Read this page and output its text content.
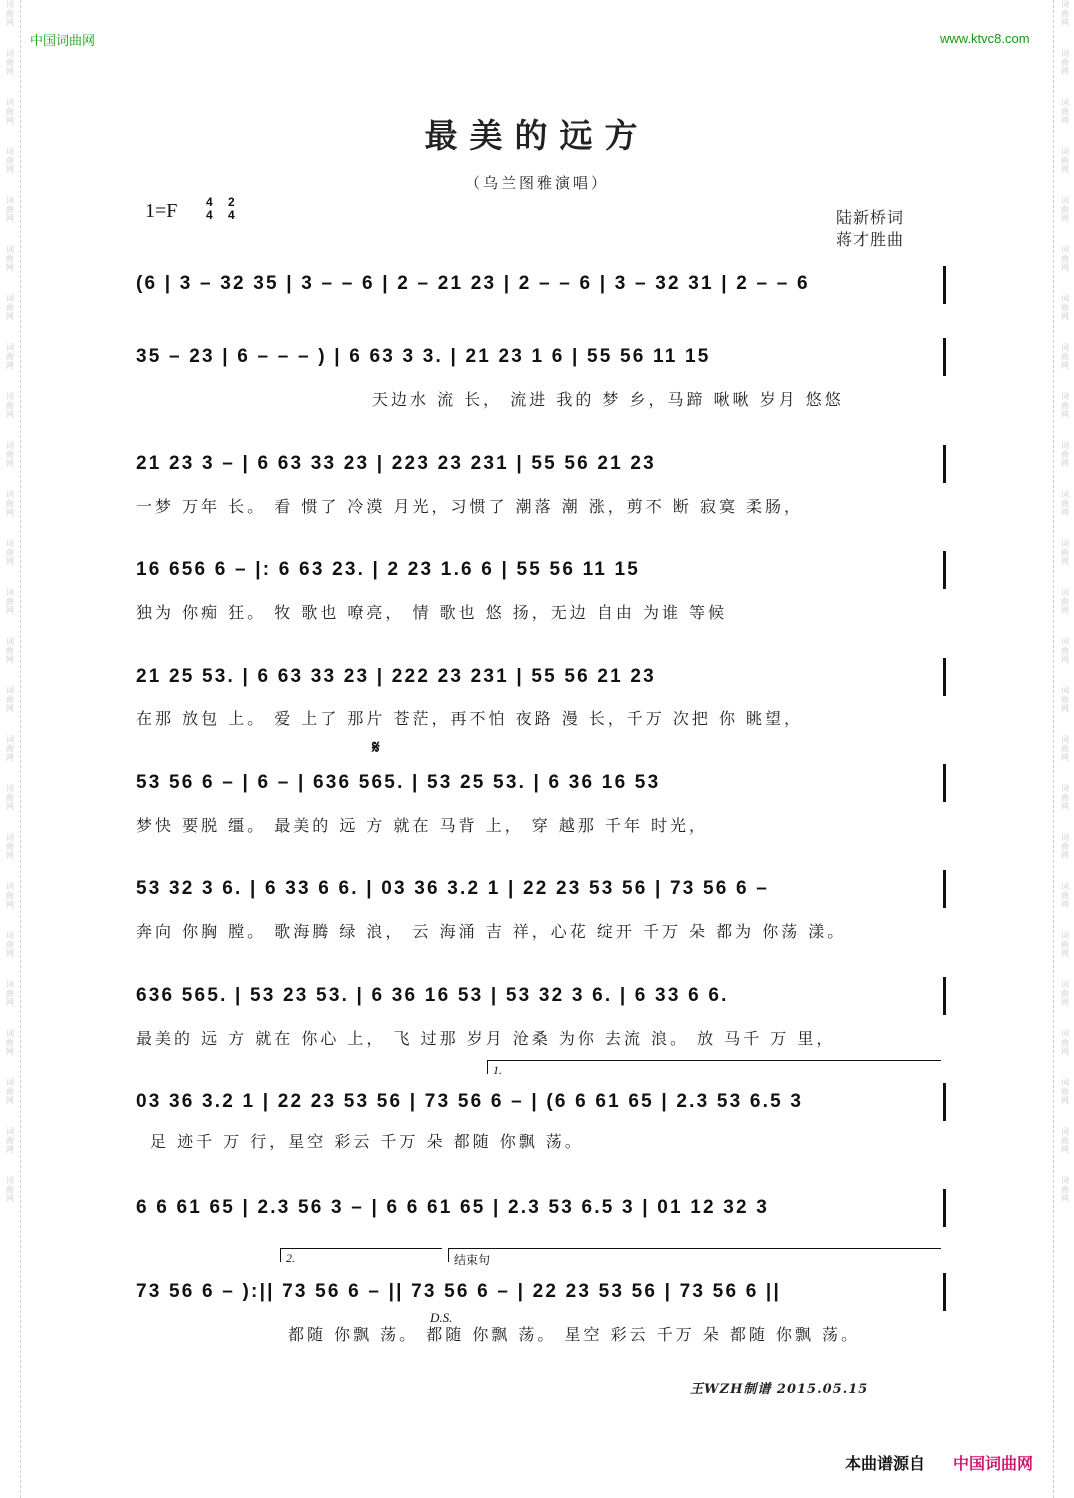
词曲网
词曲网
词曲网
词曲网
词曲网
词曲网
词曲网
词曲网
词曲网
词曲网
词曲网
词曲网
词曲网
词曲网
词曲网
词曲网
词曲网
词曲网
词曲网
词曲网
词曲网
词曲网
词曲网
词曲网
词曲网
词曲网
词曲网
词曲网
词曲网
词曲网
词曲网
词曲网
词曲网
词曲网
词曲网
词曲网
词曲网
词曲网
词曲网
词曲网
词曲网
词曲网
词曲网
词曲网
词曲网
词曲网
词曲网
词曲网
词曲网
词曲网
中国词曲网	www.ktvc8.com
最美的远方
（乌兰图雅演唱）
1=F 4
4
2
4	陆新桥词
蒋才胜曲
(6 | 3 – 32 35 | 3 – – 6 | 2 – 21 23 | 2 – – 6 | 3 – 32 31 | 2 – – 6
35 – 23 | 6 – – – ) | 6 63 3 3. | 21 23 1 6 | 55 56 11 15
天边水 流 长， 流进 我的 梦 乡，马蹄 啾啾 岁月 悠悠
21 23 3 – | 6 63 33 23 | 223 23 231 | 55 56 21 23
一梦 万年 长。 看 惯了 冷漠 月光，习惯了 潮落 潮 涨，剪不 断 寂寞 柔肠，
16 656 6 – |: 6 63 23. | 2 23 1.6 6 | 55 56 11 15
独为 你痴 狂。 牧 歌也 嘹亮， 情 歌也 悠 扬，无边 自由 为谁 等候
21 25 53. | 6 63 33 23 | 222 23 231 | 55 56 21 23
在那 放包 上。 爱 上了 那片 苍茫，再不怕 夜路 漫 长，千万 次把 你 眺望，
𝄋
53 56 6 – | 6 – | 636 565. | 53 25 53. | 6 36 16 53
梦快 要脱 缰。 最美的 远 方 就在 马背 上， 穿 越那 千年 时光，
53 32 3 6. | 6 33 6 6. | 03 36 3.2 1 | 22 23 53 56 | 73 56 6 –
奔向 你胸 膛。 歌海腾 绿 浪， 云 海涌 吉 祥，心花 绽开 千万 朵 都为 你荡 漾。
636 565. | 53 23 53. | 6 36 16 53 | 53 32 3 6. | 6 33 6 6.
最美的 远 方 就在 你心 上， 飞 过那 岁月 沧桑 为你 去流 浪。 放 马千 万 里，
1.
03 36 3.2 1 | 22 23 53 56 | 73 56 6 – | (6 6 61 65 | 2.3 53 6.5 3
足 迹千 万 行，星空 彩云 千万 朵 都随 你飘 荡。
6 6 61 65 | 2.3 56 3 – | 6 6 61 65 | 2.3 53 6.5 3 | 01 12 32 3
2.	结束句
73 56 6 – ):|| 73 56 6 – || 73 56 6 – | 22 23 53 56 | 73 56 6 ||
D.S.
都随 你飘 荡。 都随 你飘 荡。 星空 彩云 千万 朵 都随 你飘 荡。
王WZH制谱 2015.05.15
本曲谱源自 中国词曲网
